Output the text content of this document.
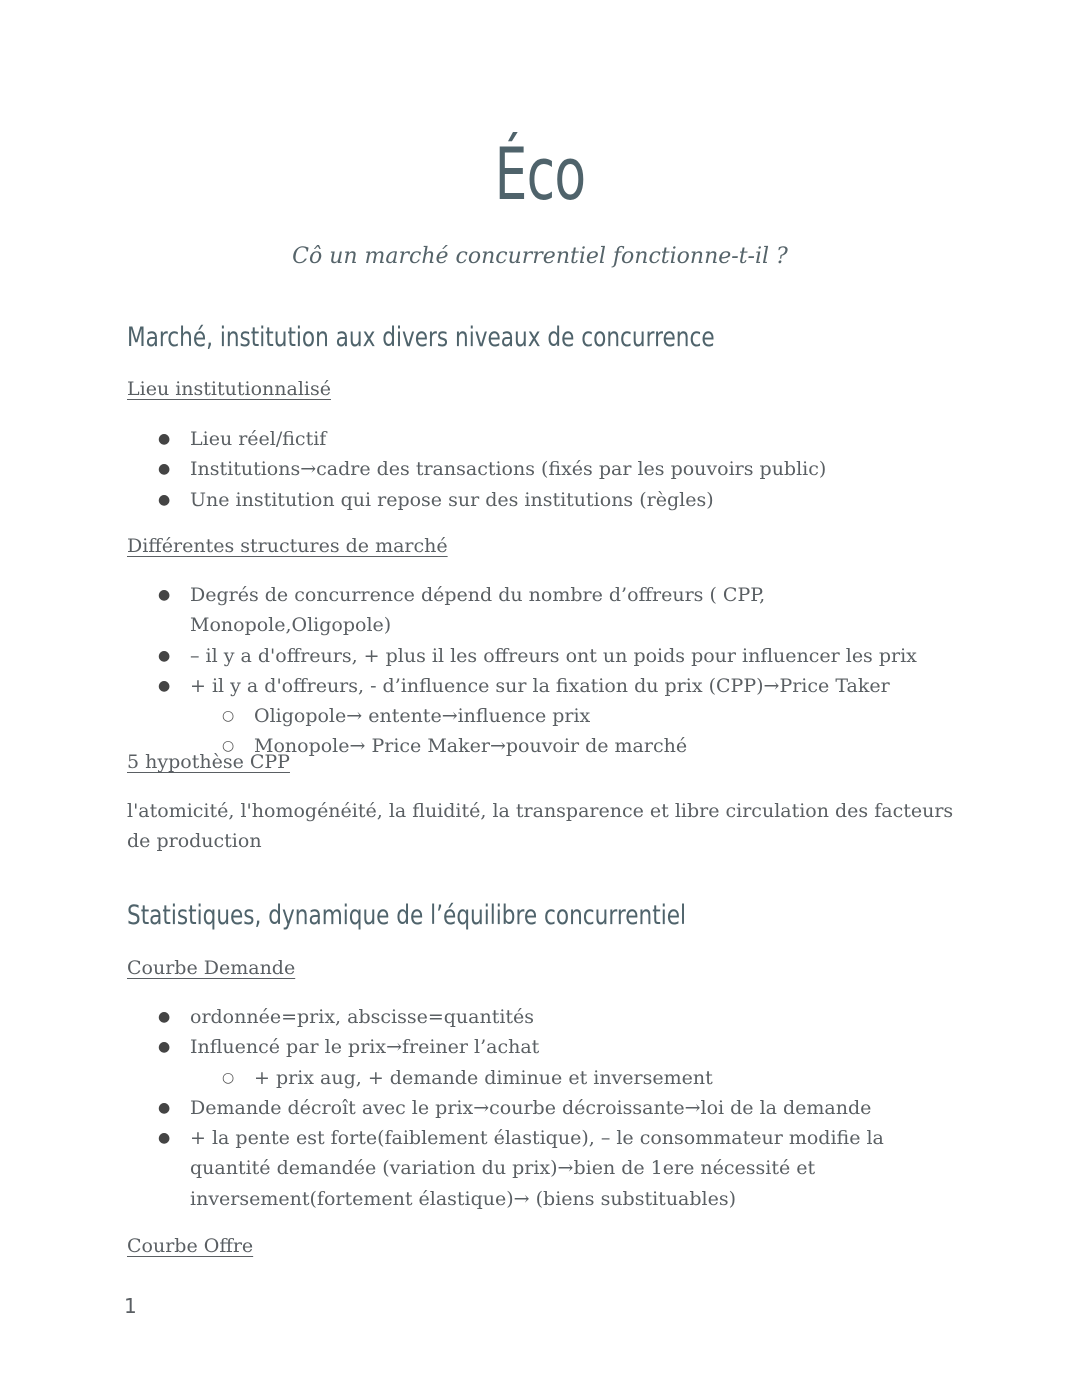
Éco
Cô un marché concurrentiel fonctionne-t-il ?
Marché, institution aux divers niveaux de concurrence
Lieu institutionnalisé
● Lieu réel/fictif
● Institutions→cadre des transactions (fixés par les pouvoirs public)
● Une institution qui repose sur des institutions (règles)
Différentes structures de marché
● Degrés de concurrence dépend du nombre d’offreurs ( CPP, Monopole,Oligopole)
● – il y a d'offreurs, + plus il les offreurs ont un poids pour influencer les prix
● + il y a d'offreurs, - d’influence sur la fixation du prix (CPP)→Price Taker
○ Oligopole→ entente→influence prix
○ Monopole→ Price Maker→pouvoir de marché
5 hypothèse CPP
l'atomicité, l'homogénéité, la fluidité, la transparence et libre circulation des facteurs de production
Statistiques, dynamique de l’équilibre concurrentiel
Courbe Demande
● ordonnée=prix, abscisse=quantités
● Influencé par le prix→freiner l’achat
○ + prix aug, + demande diminue et inversement
● Demande décroît avec le prix→courbe décroissante→loi de la demande
● + la pente est forte(faiblement élastique), – le consommateur modifie la quantité demandée (variation du prix)→bien de 1ere nécessité et inversement(fortement élastique)→ (biens substituables)
Courbe Offre
1
